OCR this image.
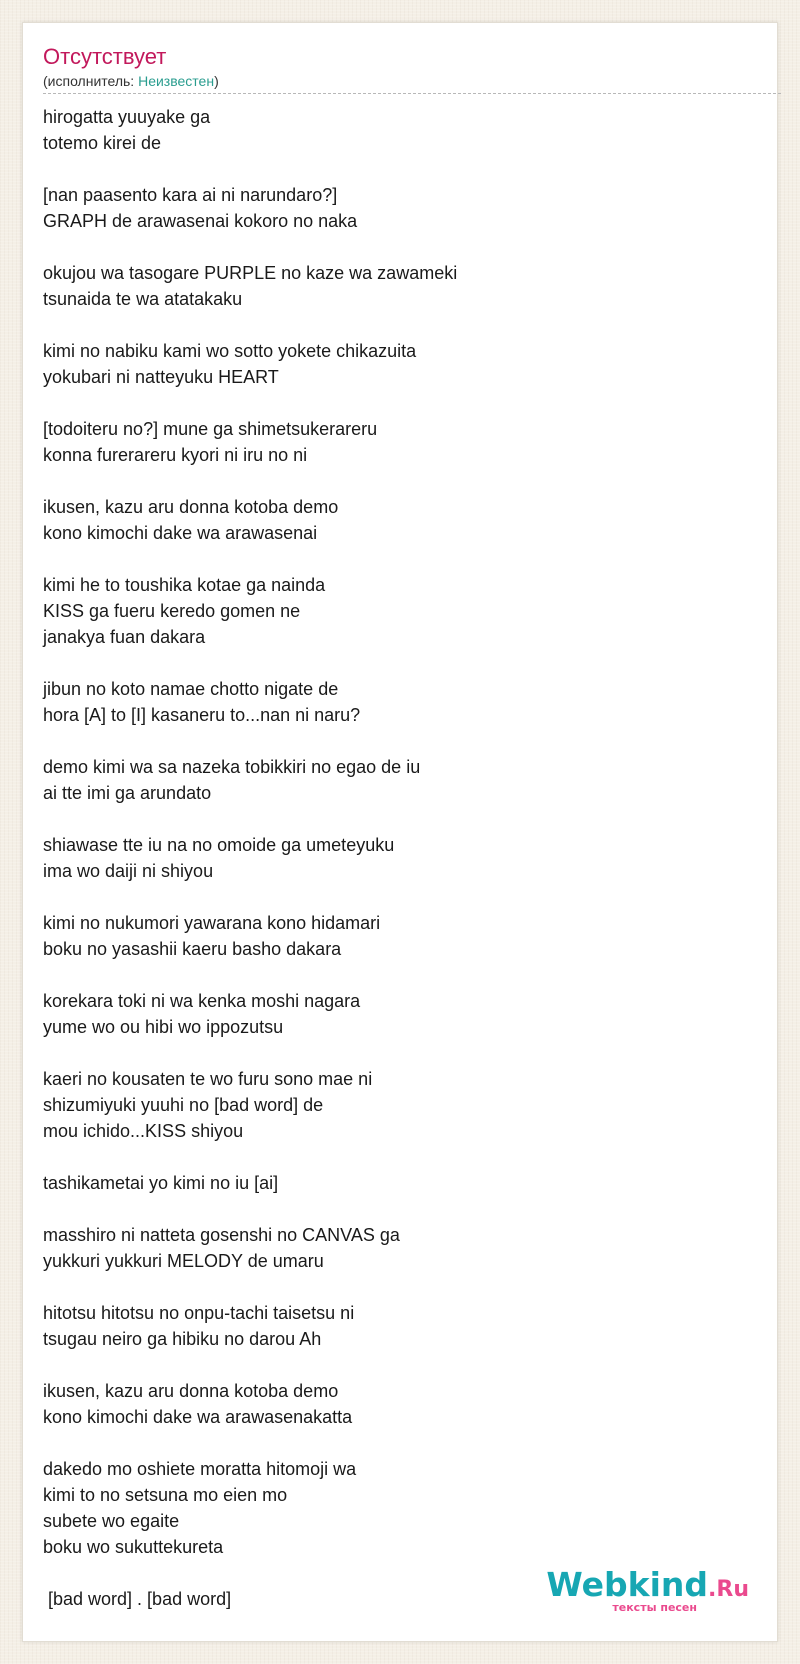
Отсутствует
(исполнитель: Неизвестен)
hirogatta yuuyake ga
totemo kirei de
[nan paasento kara ai ni narundaro?]
GRAPH de arawasenai kokoro no naka
okujou wa tasogare PURPLE no kaze wa zawameki
tsunaida te wa atatakaku
kimi no nabiku kami wo sotto yokete chikazuita
yokubari ni natteyuku HEART
[todoiteru no?] mune ga shimetsukerareru
konna furerareru kyori ni iru no ni
ikusen, kazu aru donna kotoba demo
kono kimochi dake wa arawasenai
kimi he to toushika kotae ga nainda
KISS ga fueru keredo gomen ne
janakya fuan dakara
jibun no koto namae chotto nigate de
hora [A] to [I] kasaneru to...nan ni naru?
demo kimi wa sa nazeka tobikkiri no egao de iu
ai tte imi ga arundato
shiawase tte iu na no omoide ga umeteyuku
ima wo daiji ni shiyou
kimi no nukumori yawarana kono hidamari
boku no yasashii kaeru basho dakara
korekara toki ni wa kenka moshi nagara
yume wo ou hibi wo ippozutsu
kaeri no kousaten te wo furu sono mae ni
shizumiyuki yuuhi no [bad word] de
mou ichido...KISS shiyou
tashikametai yo kimi no iu [ai]
masshiro ni natteta gosenshi no CANVAS ga
yukkuri yukkuri MELODY de umaru
hitotsu hitotsu no onpu-tachi taisetsu ni
tsugau neiro ga hibiku no darou Ah
ikusen, kazu aru donna kotoba demo
kono kimochi dake wa arawasenakatta
dakedo mo oshiete moratta hitomoji wa
kimi to no setsuna mo eien mo
subete wo egaite
boku wo sukuttekureta
[bad word] . [bad word]	Webkind.Ru
тексты песен
